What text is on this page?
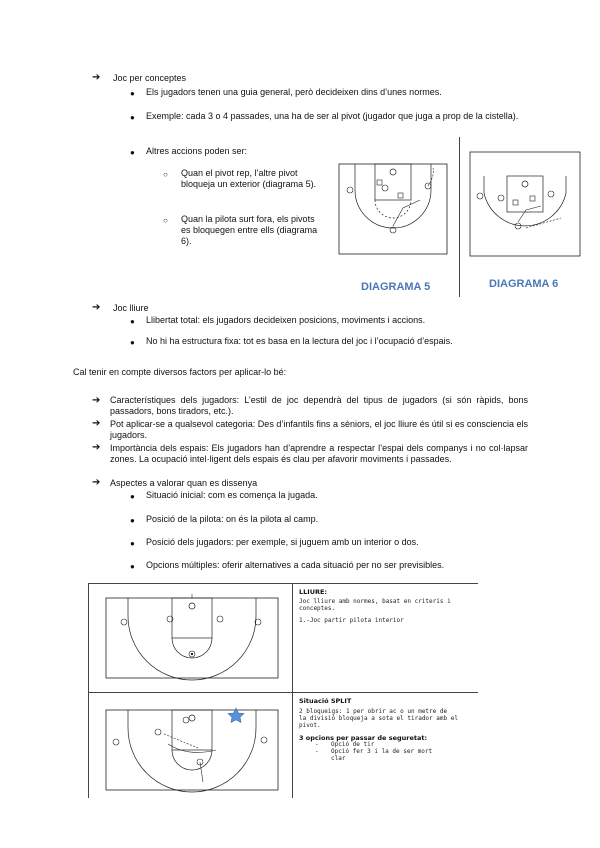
➔ Joc per conceptes
● Els jugadors tenen una guia general, però decideixen dins d’unes normes.
● Exemple: cada 3 o 4 passades, una ha de ser al pivot (jugador que juga a prop de la cistella).
● Altres accions poden ser:
○ Quan el pivot rep, l’altre pivot bloqueja un exterior (diagrama 5).
○ Quan la pilota surt fora, els pivots es bloquegen entre ells (diagrama 6).
DIAGRAMA 5	DIAGRAMA 6
➔ Joc lliure
● Llibertat total: els jugadors decideixen posicions, moviments i accions.
● No hi ha estructura fixa: tot es basa en la lectura del joc i l’ocupació d’espais.
Cal tenir en compte diversos factors per aplicar-lo bé:
➔ Característiques dels jugadors: L’estil de joc dependrà del tipus de jugadors (si són ràpids, bons passadors, bons tiradors, etc.).
➔ Pot aplicar-se a qualsevol categoria: Des d’infantils fins a sèniors, el joc lliure és útil si es consciencia els jugadors.
➔ Importància dels espais: Els jugadors han d’aprendre a respectar l’espai dels companys i no col·lapsar zones. La ocupació intel·ligent dels espais és clau per afavorir moviments i passades.
➔ Aspectes a valorar quan es dissenya
● Situació inicial: com es comença la jugada.
● Posició de la pilota: on és la pilota al camp.
● Posició dels jugadors: per exemple, si juguem amb un interior o dos.
● Opcions múltiples: oferir alternatives a cada situació per no ser previsibles.
LLIURE:
Joc lliure amb normes, basat en criteris i
conceptes.
1.-Joc partir pilota interior
Situació SPLIT
2 bloqueigs: 1 per obrir ac o un metre de
la divisió bloqueja a sota el tirador amb el
pivot.
3 opcions per passar de seguretat:
- Opció de tir
- Opció fer 3 i la de ser mort
clar
